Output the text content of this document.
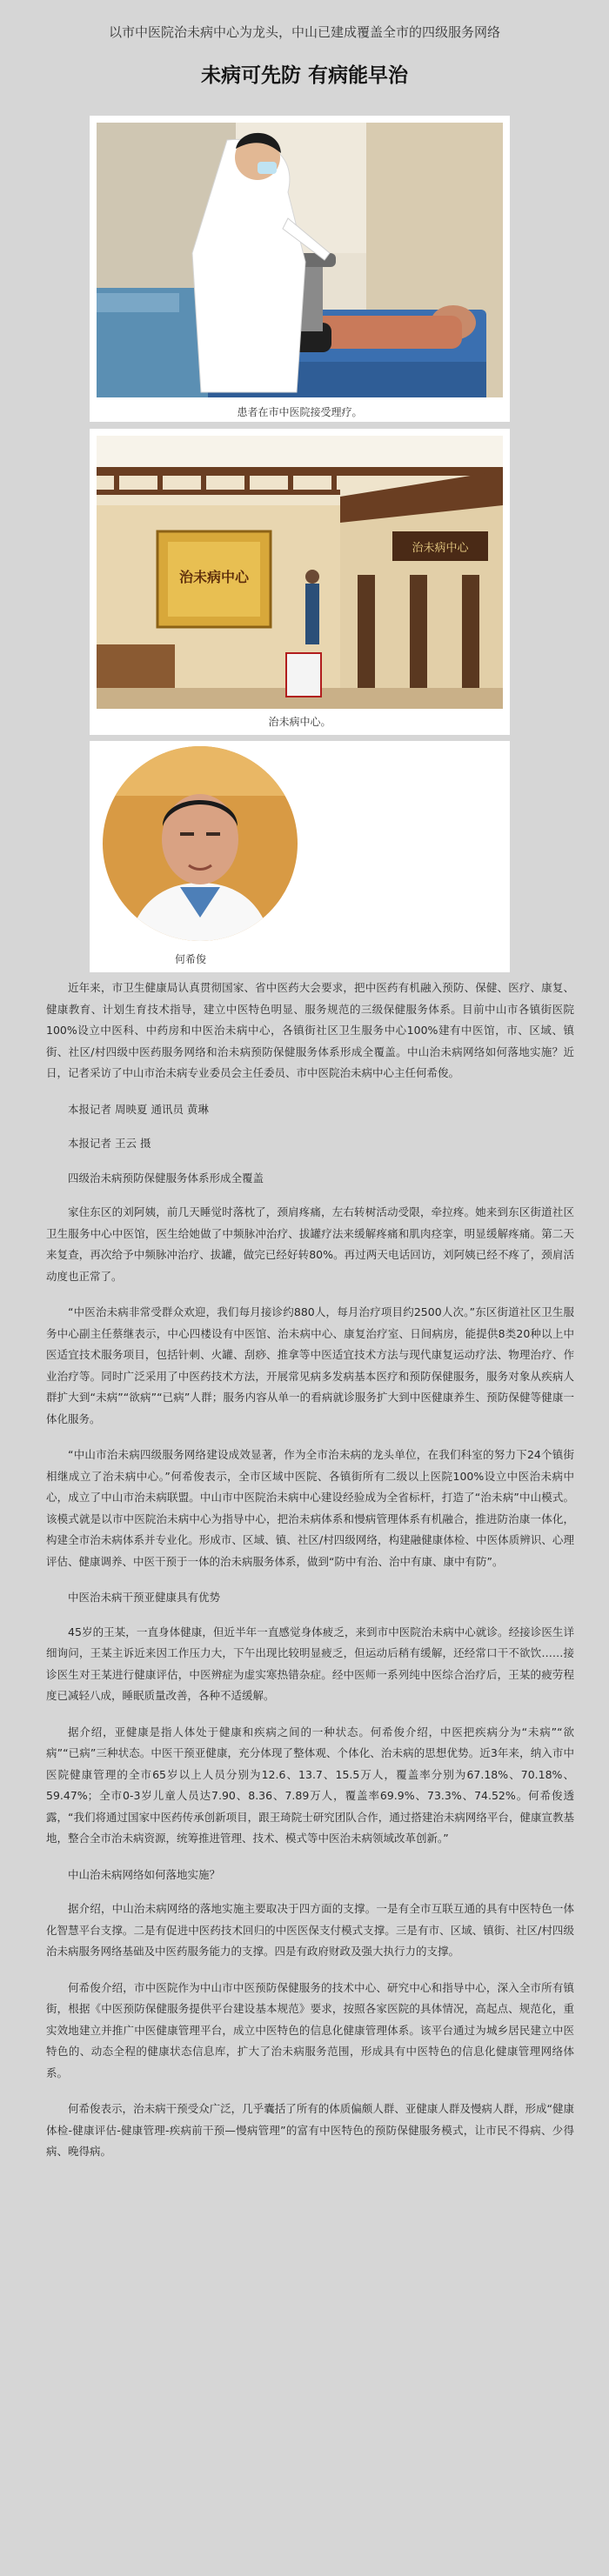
以市中医院治未病中心为龙头，中山已建成覆盖全市的四级服务网络
未病可先防 有病能早治
患者在市中医院接受理疗。
治未病中心
治未病中心
治未病中心。
何希俊

近年来，市卫生健康局认真贯彻国家、省中医药大会要求，把中医药有机融入预防、保健、医疗、康复、健康教育、计划生育技术指导，建立中医特色明显、服务规范的三级保健服务体系。目前中山市各镇街医院100%设立中医科、中药房和中医治未病中心，各镇街社区卫生服务中心100%建有中医馆，市、区域、镇街、社区/村四级中医药服务网络和治未病预防保健服务体系形成全覆盖。中山治未病网络如何落地实施？近日，记者采访了中山市治未病专业委员会主任委员、市中医院治未病中心主任何希俊。

本报记者 周映夏 通讯员 黄琳

本报记者 王云 摄

四级治未病预防保健服务体系形成全覆盖

家住东区的刘阿姨，前几天睡觉时落枕了，颈肩疼痛，左右转树活动受限，牵拉疼。她来到东区街道社区卫生服务中心中医馆，医生给她做了中频脉冲治疗、拔罐疗法来缓解疼痛和肌肉痉挛，明显缓解疼痛。第二天来复查，再次给予中频脉冲治疗、拔罐，做完已经好转80%。再过两天电话回访，刘阿姨已经不疼了，颈肩活动度也正常了。

“中医治未病非常受群众欢迎，我们每月接诊约880人，每月治疗项目约2500人次。”东区街道社区卫生服务中心副主任蔡继表示，中心四楼设有中医馆、治未病中心、康复治疗室、日间病房，能提供8类20种以上中医适宜技术服务项目，包括针刺、火罐、刮痧、推拿等中医适宜技术方法与现代康复运动疗法、物理治疗、作业治疗等。同时广泛采用了中医药技术方法，开展常见病多发病基本医疗和预防保健服务，服务对象从疾病人群扩大到“未病”“欲病”“已病”人群；服务内容从单一的看病就诊服务扩大到中医健康养生、预防保健等健康一体化服务。

“中山市治未病四级服务网络建设成效显著，作为全市治未病的龙头单位，在我们科室的努力下24个镇街相继成立了治未病中心。”何希俊表示，全市区域中医院、各镇街所有二级以上医院100%设立中医治未病中心，成立了中山市治未病联盟。中山市中医院治未病中心建设经验成为全省标杆，打造了“治未病”中山模式。该模式就是以市中医院治未病中心为指导中心，把治未病体系和慢病管理体系有机融合，推进防治康一体化，构建全市治未病体系并专业化。形成市、区域、镇、社区/村四级网络，构建融健康体检、中医体质辨识、心理评估、健康调养、中医干预于一体的治未病服务体系，做到“防中有治、治中有康、康中有防”。

中医治未病干预亚健康具有优势

45岁的王某，一直身体健康，但近半年一直感觉身体疲乏，来到市中医院治未病中心就诊。经接诊医生详细询问，王某主诉近来因工作压力大，下午出现比较明显疲乏，但运动后稍有缓解，还经常口干不欲饮……接诊医生对王某进行健康评估，中医辨症为虚实寒热错杂症。经中医师一系列纯中医综合治疗后，王某的疲劳程度已减轻八成，睡眠质量改善，各种不适缓解。

据介绍，亚健康是指人体处于健康和疾病之间的一种状态。何希俊介绍，中医把疾病分为“未病”“欲病”“已病”三种状态。中医干预亚健康，充分体现了整体观、个体化、治未病的思想优势。近3年来，纳入市中医院健康管理的全市65岁以上人员分别为12.6、13.7、15.5万人，覆盖率分别为67.18%、70.18%、59.47%；全市0-3岁儿童人员达7.90、8.36、7.89万人，覆盖率69.9%、73.3%、74.52%。何希俊透露，“我们将通过国家中医药传承创新项目，跟王琦院士研究团队合作，通过搭建治未病网络平台，健康宣教基地，整合全市治未病资源，统筹推进管理、技术、模式等中医治未病领域改革创新。”

中山治未病网络如何落地实施？

据介绍，中山治未病网络的落地实施主要取决于四方面的支撑。一是有全市互联互通的具有中医特色一体化智慧平台支撑。二是有促进中医药技术回归的中医医保支付模式支撑。三是有市、区域、镇街、社区/村四级治未病服务网络基础及中医药服务能力的支撑。四是有政府财政及强大执行力的支撑。

何希俊介绍，市中医院作为中山市中医预防保健服务的技术中心、研究中心和指导中心，深入全市所有镇街，根据《中医预防保健服务提供平台建设基本规范》要求，按照各家医院的具体情况，高起点、规范化，重实效地建立并推广中医健康管理平台，成立中医特色的信息化健康管理体系。该平台通过为城乡居民建立中医特色的、动态全程的健康状态信息库，扩大了治未病服务范围，形成具有中医特色的信息化健康管理网络体系。

何希俊表示，治未病干预受众广泛，几乎囊括了所有的体质偏颇人群、亚健康人群及慢病人群，形成“健康体检-健康评估-健康管理-疾病前干预—慢病管理”的富有中医特色的预防保健服务模式，让市民不得病、少得病、晚得病。
